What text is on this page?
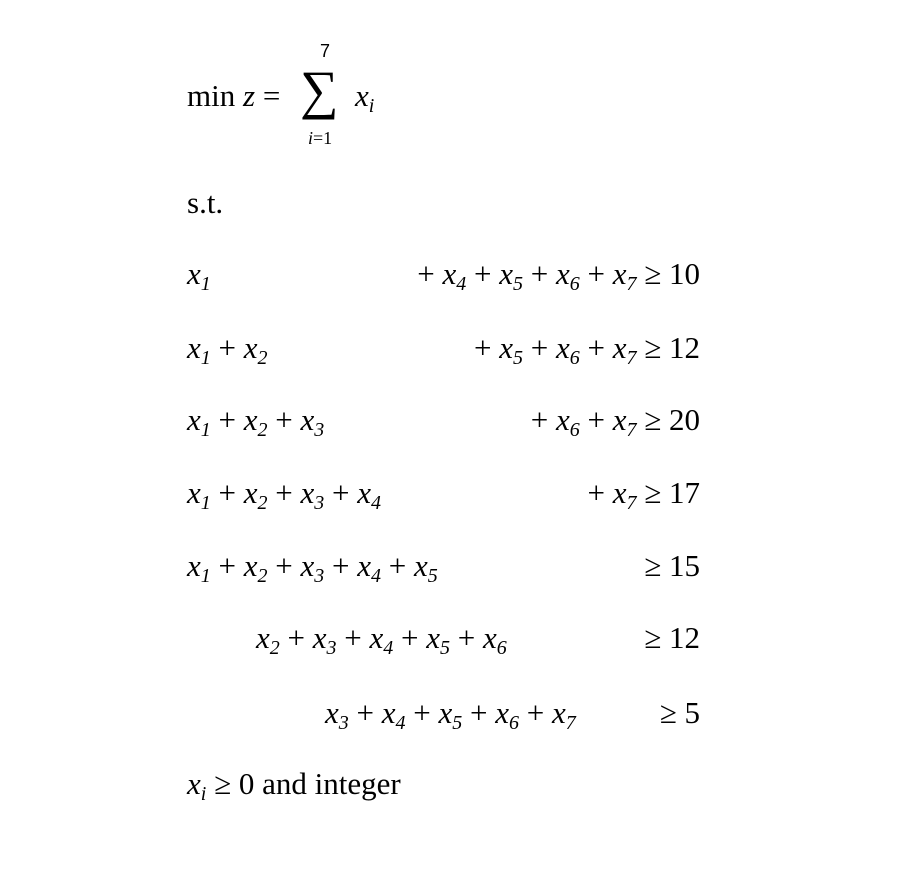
min z =
7
∑
i=1
$x_i$
s.t.
$x_1$	+ $x_4 + x_5 + x_6 + x_7 \ge 10$
$x_1 + x_2$	+ $x_5 + x_6 + x_7 \ge 12$
$x_1 + x_2 + x_3$	+ $x_6 + x_7 \ge 20$
$x_1 + x_2 + x_3 + x_4$	+ $x_7 \ge 17$
$x_1 + x_2 + x_3 + x_4 + x_5$	≥ 15
$x_2 + x_3 + x_4 + x_5 + x_6$	≥ 12
$x_3 + x_4 + x_5 + x_6 + x_7$	≥ 5
$x_i \ge 0$ and integer
